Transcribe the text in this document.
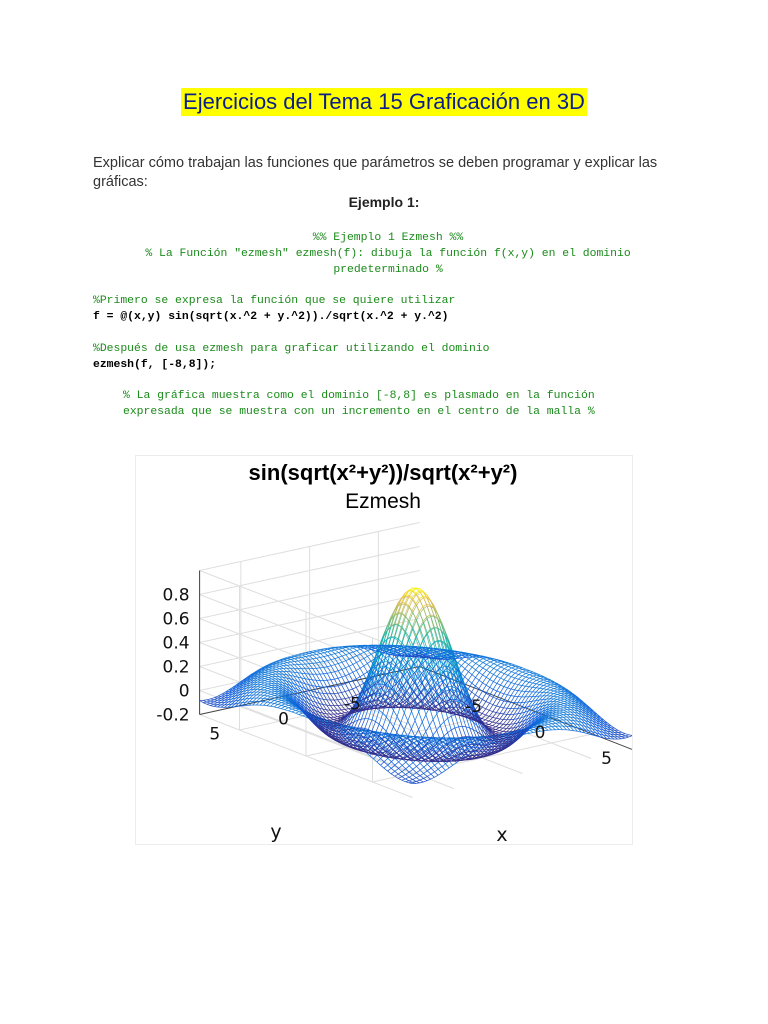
Ejercicios del Tema 15 Graficación en 3D
Explicar cómo trabajan las funciones que parámetros se deben programar y explicar las gráficas:
Ejemplo 1:
%% Ejemplo 1 Ezmesh %%
% La Función "ezmesh" ezmesh(f): dibuja la función f(x,y) en el dominio
predeterminado %
%Primero se expresa la función que se quiere utilizar
f = @(x,y) sin(sqrt(x.^2 + y.^2))./sqrt(x.^2 + y.^2)
%Después de usa ezmesh para graficar utilizando el dominio
ezmesh(f, [-8,8]);
% La gráfica muestra como el dominio [-8,8] es plasmado en la función
expresada que se muestra con un incremento en el centro de la malla %
0.8
0.6
0.4
0.2
0
-0.2
5
0
-5	-5
0
5
y	x
sin(sqrt(x²+y²))/sqrt(x²+y²)
Ezmesh
